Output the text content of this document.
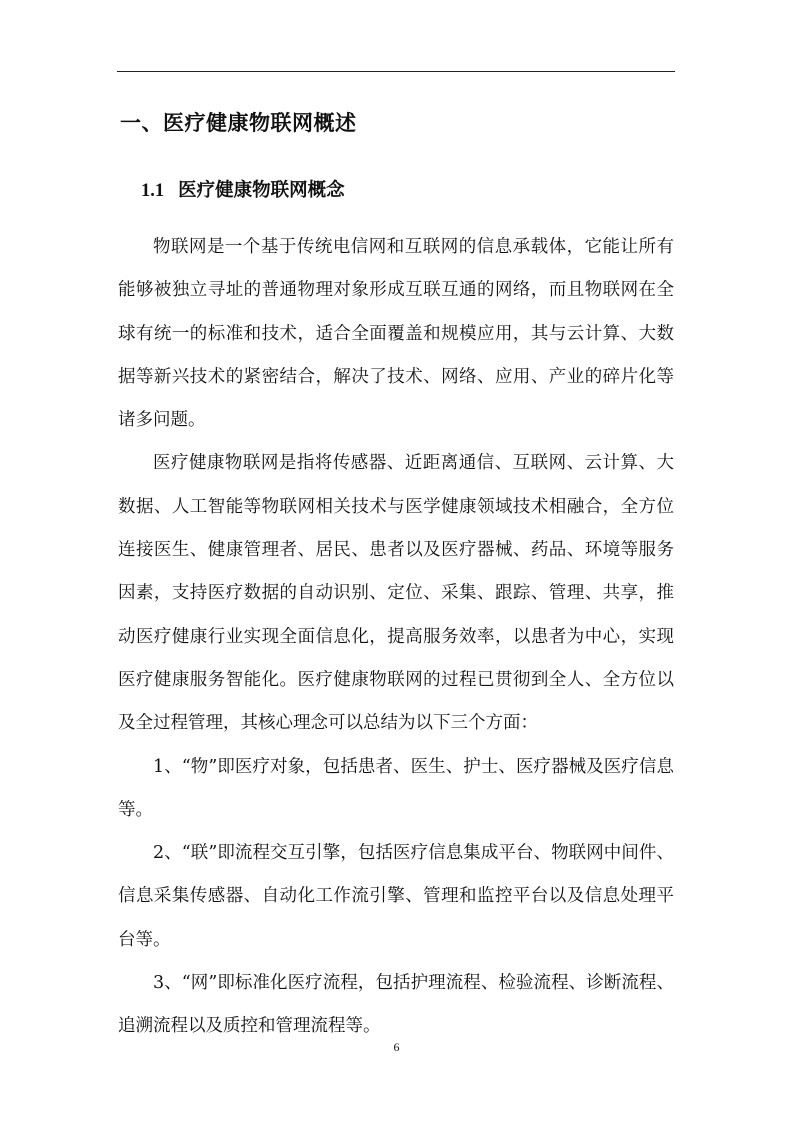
一、医疗健康物联网概述
1.1 医疗健康物联网概念

物联网是一个基于传统电信网和互联网的信息承载体，它能让所有能够被独立寻址的普通物理对象形成互联互通的网络，而且物联网在全球有统一的标准和技术，适合全面覆盖和规模应用，其与云计算、大数据等新兴技术的紧密结合，解决了技术、网络、应用、产业的碎片化等诸多问题。

医疗健康物联网是指将传感器、近距离通信、互联网、云计算、大数据、人工智能等物联网相关技术与医学健康领域技术相融合，全方位连接医生、健康管理者、居民、患者以及医疗器械、药品、环境等服务因素，支持医疗数据的自动识别、定位、采集、跟踪、管理、共享，推动医疗健康行业实现全面信息化，提高服务效率，以患者为中心，实现医疗健康服务智能化。医疗健康物联网的过程已贯彻到全人、全方位以及全过程管理，其核心理念可以总结为以下三个方面：

1、“物”即医疗对象，包括患者、医生、护士、医疗器械及医疗信息等。

2、“联”即流程交互引擎，包括医疗信息集成平台、物联网中间件、信息采集传感器、自动化工作流引擎、管理和监控平台以及信息处理平台等。

3、“网”即标准化医疗流程，包括护理流程、检验流程、诊断流程、追溯流程以及质控和管理流程等。

6
